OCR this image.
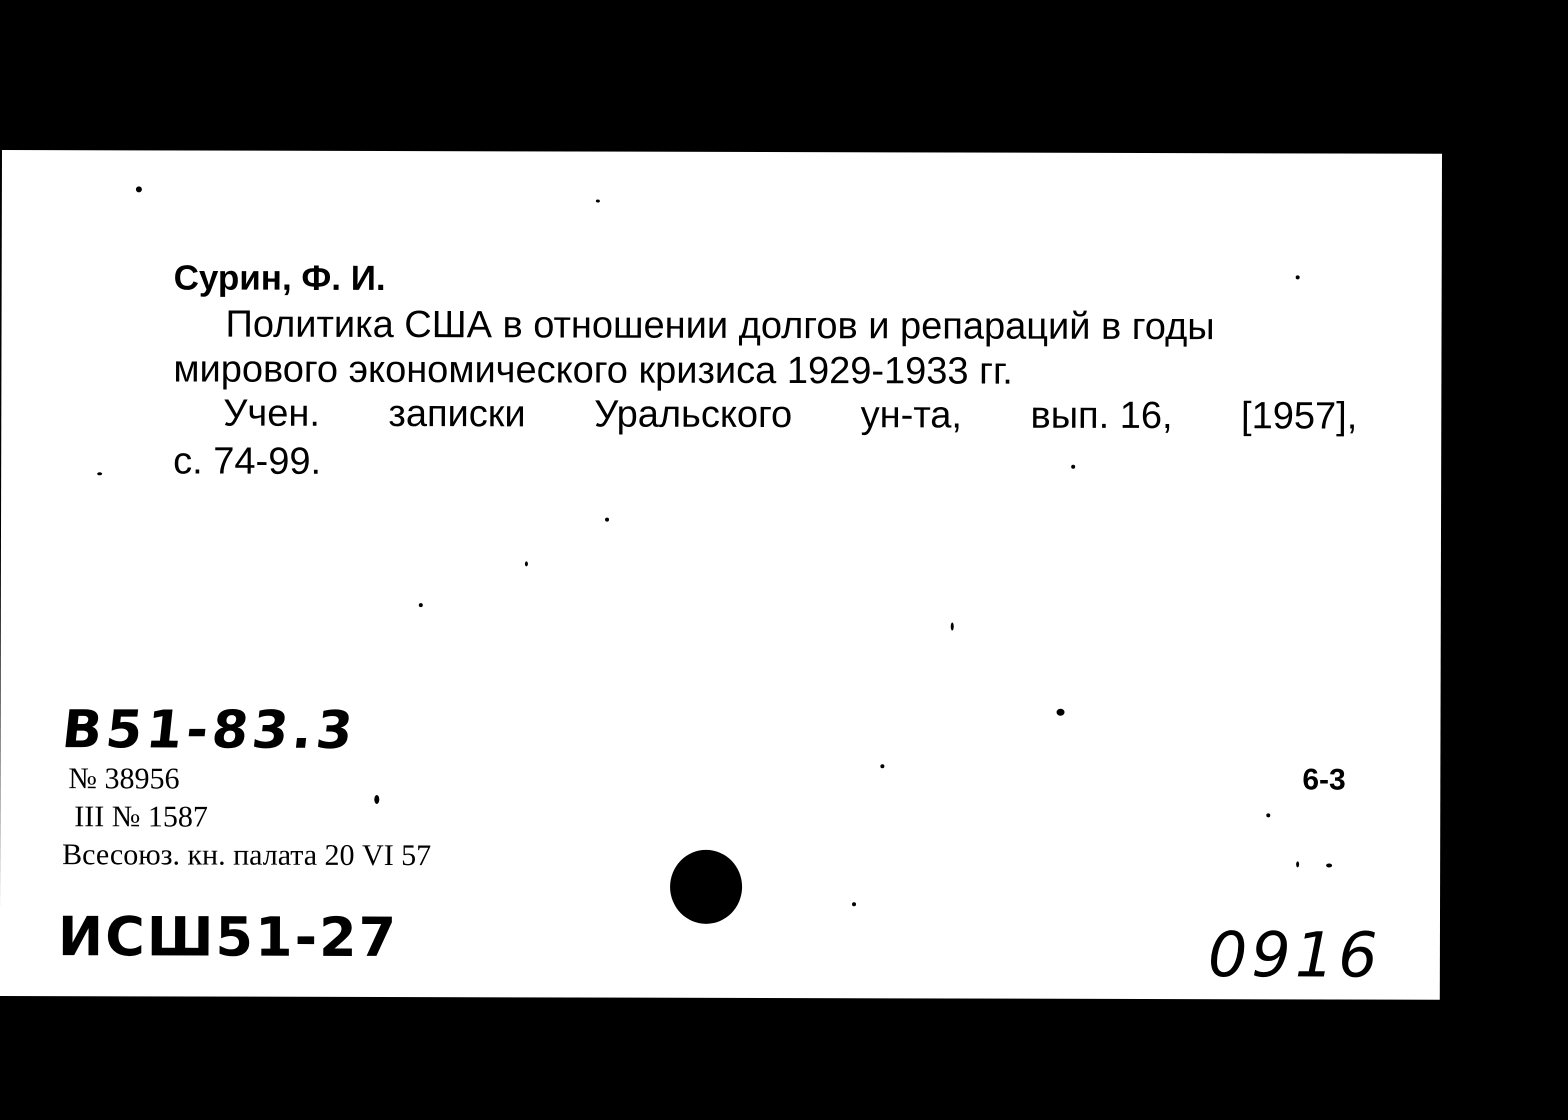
Сурин, Ф. И.
Политика США в отношении долгов и репараций в годы
мирового экономического кризиса 1929-1933 гг.
Учен. записки Уральского ун-та, вып. 16, [1957],
с. 74-99.
B51-83.3
№ 38956
III № 1587
Всесоюз. кн. палата 20 VI 57
6-3
ИСШ51-27	0916
